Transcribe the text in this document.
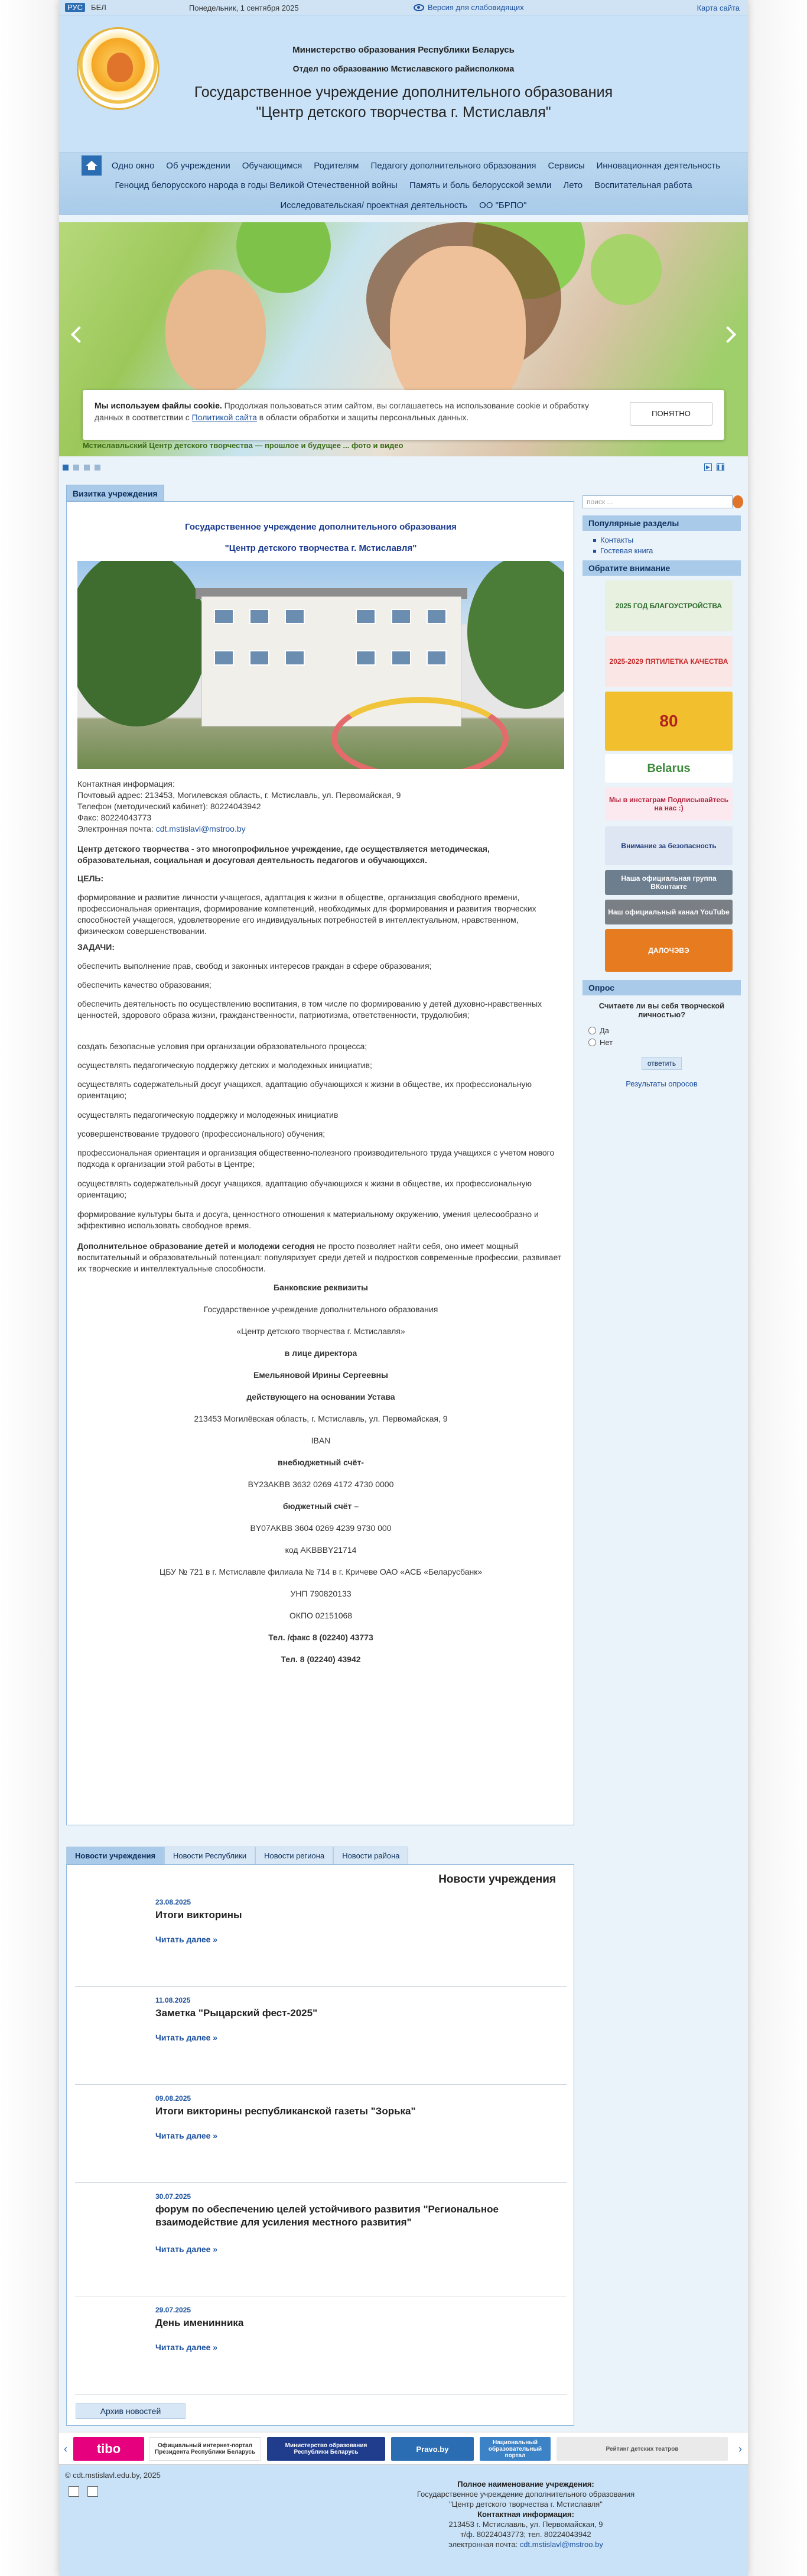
РУС	БЕЛ	Понедельник, 1 сентября 2025	Версия для слабовидящих	Карта сайта
Министерство образования Республики Беларусь
Отдел по образованию Мстиславского райисполкома
Государственное учреждение дополнительного образования
"Центр детского творчества г. Мстиславля"
Одно окно	Об учреждении	Обучающимся	Родителям	Педагогу дополнительного образования	Сервисы	Инновационная деятельность
Геноцид белорусского народа в годы Великой Отечественной войны	Память и боль белорусской земли	Лето	Воспитательная работа
Исследовательская/ проектная деятельность	ОО "БРПО"
Мстиславльский Центр детского творчества — прошлое и будущее ... фото и видео
Мы используем файлы cookie. Продолжая пользоваться этим сайтом, вы соглашаетесь на использование cookie и обработку данных в соответствии с Политикой сайта в области обработки и защиты персональных данных.	ПОНЯТНО
▶	❚❚
Визитка учреждения
Государственное учреждение дополнительного образования
"Центр детского творчества г. Мстиславля"

Контактная информация:

Почтовый адрес: 213453, Могилевская область, г. Мстиславль, ул. Первомайская, 9

Телефон (методический кабинет): 80224043942

Факс: 80224043773

Электронная почта: cdt.mstislavl@mstroo.by

Центр детского творчества - это многопрофильное учреждение, где осуществляется методическая, образовательная, социальная и досуговая деятельность педагогов и обучающихся.
ЦЕЛЬ:
формирование и развитие личности учащегося, адаптация к жизни в обществе, организация свободного времени, профессиональная ориентация, формирование компетенций, необходимых для формирования и развития творческих способностей учащегося, удовлетворение его индивидуальных потребностей в интеллектуальном, нравственном, физическом совершенствовании.
ЗАДАЧИ:
обеспечить выполнение прав, свобод и законных интересов граждан в сфере образования;
обеспечить качество образования;
обеспечить деятельность по осуществлению воспитания, в том числе по формированию у детей духовно-нравственных ценностей, здорового образа жизни, гражданственности, патриотизма, ответственности, трудолюбия;
создать безопасные условия при организации образовательного процесса;
осуществлять педагогическую поддержку детских и молодежных инициатив;
осуществлять содержательный досуг учащихся, адаптацию обучающихся к жизни в обществе, их профессиональную ориентацию;
осуществлять педагогическую поддержку и молодежных инициатив
усовершенствование трудового (профессионального) обучения;
профессиональная ориентация и организация общественно-полезного производительного труда учащихся с учетом нового подхода к организации этой работы в Центре;
осуществлять содержательный досуг учащихся, адаптацию обучающихся к жизни в обществе, их профессиональную ориентацию;
формирование культуры быта и досуга, ценностного отношения к материальному окружению, умения целесообразно и эффективно использовать свободное время.
Дополнительное образование детей и молодежи сегодня не просто позволяет найти себя, оно имеет мощный воспитательный и образовательный потенциал: популяризует среди детей и подростков современные профессии, развивает их творческие и интеллектуальные способности.

Банковские реквизиты

Государственное учреждение дополнительного образования

«Центр детского творчества г. Мстиславля»

в лице директора

Емельяновой Ирины Сергеевны

действующего на основании Устава

213453 Могилёвская область, г. Мстиславль, ул. Первомайская, 9

IBAN

внебюджетный счёт-

BY23AKBB 3632 0269 4172 4730 0000

бюджетный счёт –

BY07AKBB 3604 0269 4239 9730 000

код AKBBBY21714

ЦБУ № 721 в г. Мстиславле филиала № 714 в г. Кричеве ОАО «АСБ «Беларусбанк»

УНП 790820133

ОКПО 02151068

Тел. /факс 8 (02240) 43773

Тел. 8 (02240) 43942

поиск ...
Популярные разделы
Контакты
Гостевая книга
Обратите внимание
2025 ГОД БЛАГОУСТРОЙСТВА
2025-2029 ПЯТИЛЕТКА КАЧЕСТВА
80
Belarus
Мы в инстаграм Подписывайтесь на нас :)
Внимание за безопасность
Наша официальная группа ВКонтакте
Наш официальный канал YouTube
ДАЛОЧЭВЭ
Опрос
Считаете ли вы себя творческой личностью?
Да
Нет
ответить
Результаты опросов
Новости учреждения	Новости Республики	Новости региона	Новости района
Новости учреждения
23.08.2025
Итоги викторины
Читать далее »
11.08.2025
Заметка "Рыцарский фест-2025"
Читать далее »
09.08.2025
Итоги викторины республиканской газеты "Зорька"
Читать далее »
30.07.2025
форум по обеспечению целей устойчивого развития "Региональное взаимодействие для усиления местного развития"
Читать далее »
29.07.2025
День именинника
Читать далее »
Архив новостей
‹	tibo	Официальный интернет-портал Президента Республики Беларусь
Министерство образования Республики Беларусь	Pravo.by
Национальный образовательный портал
Рейтинг детских театров	›
© cdt.mstislavl.edu.by, 2025

Полное наименование учреждения:

Государственное учреждение дополнительного образования

"Центр детского творчества г. Мстиславля"

Контактная информация:

213453 г. Мстиславль, ул. Первомайская, 9

т/ф. 80224043773; тел. 80224043942

электронная почта: cdt.mstislavl@mstroo.by
